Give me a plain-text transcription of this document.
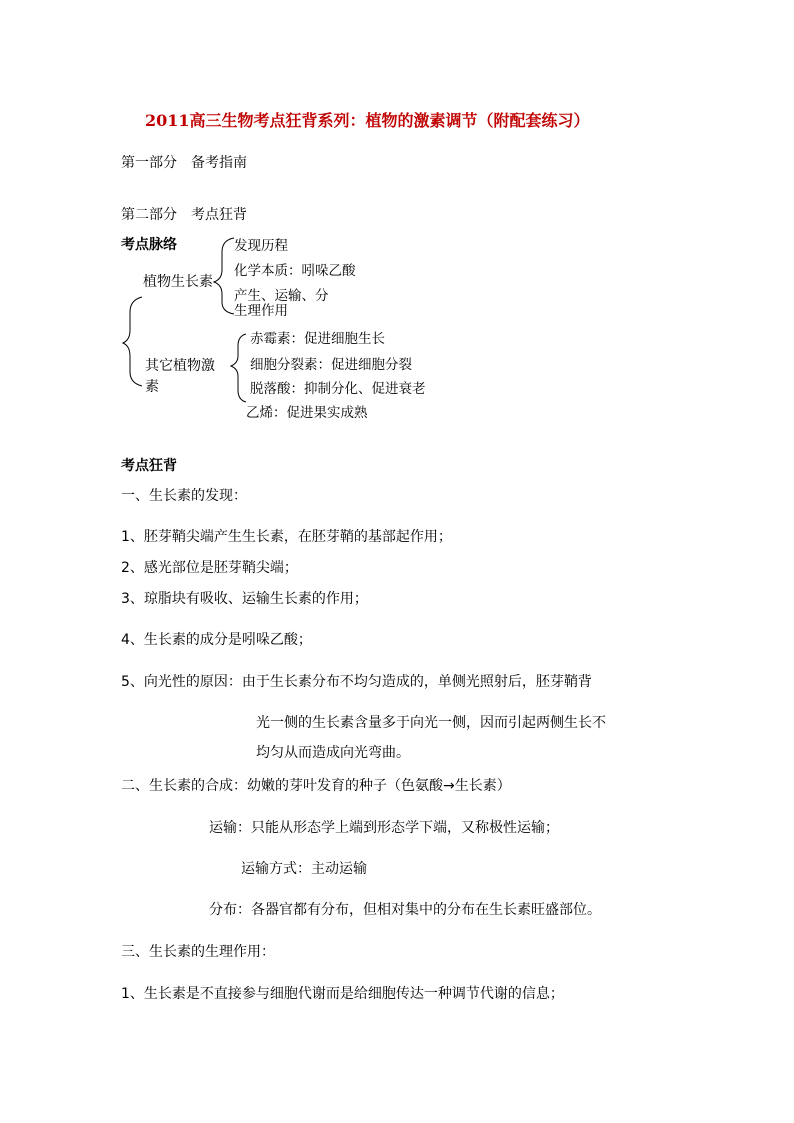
2011高三生物考点狂背系列：植物的激素调节（附配套练习）
第一部分　备考指南
第二部分　考点狂背
考点脉络
植物生长素
发现历程
化学本质：吲哚乙酸
产生、运输、分
生理作用
其它植物激
素
赤霉素：促进细胞生长
细胞分裂素：促进细胞分裂
脱落酸：抑制分化、促进衰老
乙烯：促进果实成熟
考点狂背
一、生长素的发现：
1、胚芽鞘尖端产生生长素，在胚芽鞘的基部起作用；
2、感光部位是胚芽鞘尖端；
3、琼脂块有吸收、运输生长素的作用；
4、生长素的成分是吲哚乙酸；
5、向光性的原因：由于生长素分布不均匀造成的，单侧光照射后，胚芽鞘背
光一侧的生长素含量多于向光一侧，因而引起两侧生长不
均匀从而造成向光弯曲。
二、生长素的合成：幼嫩的芽叶发育的种子（色氨酸→生长素）
运输：只能从形态学上端到形态学下端，又称极性运输；
运输方式：主动运输
分布：各器官都有分布，但相对集中的分布在生长素旺盛部位。
三、生长素的生理作用：
1、生长素是不直接参与细胞代谢而是给细胞传达一种调节代谢的信息；
